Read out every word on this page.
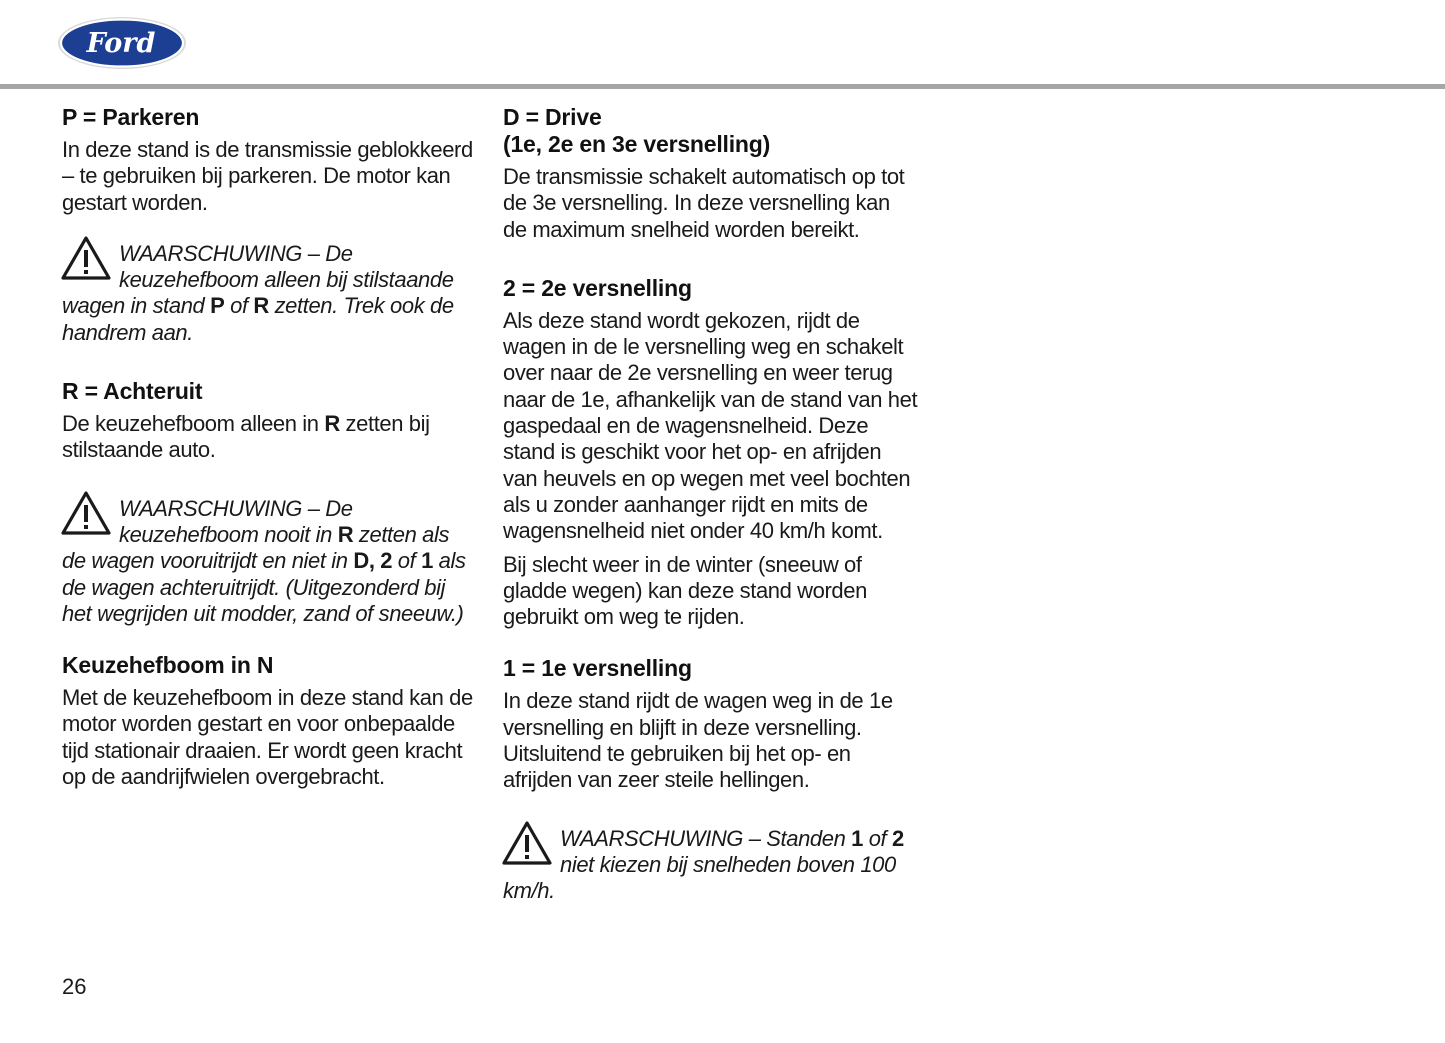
Ford
P = Parkeren

In deze stand is de transmissie geblokkeerd – te gebruiken bij parkeren. De motor kan gestart worden.

WAARSCHUWING – De keuzehefboom alleen bij stilstaande wagen in stand P of R zetten. Trek ook de handrem aan.
R = Achteruit

De keuzehefboom alleen in R zetten bij stilstaande auto.

WAARSCHUWING – De keuzehefboom nooit in R zetten als de wagen vooruitrijdt en niet in D, 2 of 1 als de wagen achteruitrijdt. (Uitgezonderd bij het wegrijden uit modder, zand of sneeuw.)
Keuzehefboom in N

Met de keuzehefboom in deze stand kan de motor worden gestart en voor onbepaalde tijd stationair draaien. Er wordt geen kracht op de aandrijfwielen overgebracht.

D = Drive
(1e, 2e en 3e versnelling)

De transmissie schakelt automatisch op tot de 3e versnelling. In deze versnelling kan de maximum snelheid worden bereikt.

2 = 2e versnelling

Als deze stand wordt gekozen, rijdt de wagen in de le versnelling weg en schakelt over naar de 2e versnelling en weer terug naar de 1e, afhankelijk van de stand van het gaspedaal en de wagensnelheid. Deze stand is geschikt voor het op- en afrijden van heuvels en op wegen met veel bochten als u zonder aanhanger rijdt en mits de wagensnelheid niet onder 40 km/h komt.

Bij slecht weer in de winter (sneeuw of gladde wegen) kan deze stand worden gebruikt om weg te rijden.

1 = 1e versnelling

In deze stand rijdt de wagen weg in de 1e versnelling en blijft in deze versnelling. Uitsluitend te gebruiken bij het op- en afrijden van zeer steile hellingen.

WAARSCHUWING – Standen 1 of 2 niet kiezen bij snelheden boven 100 km/h.
26
